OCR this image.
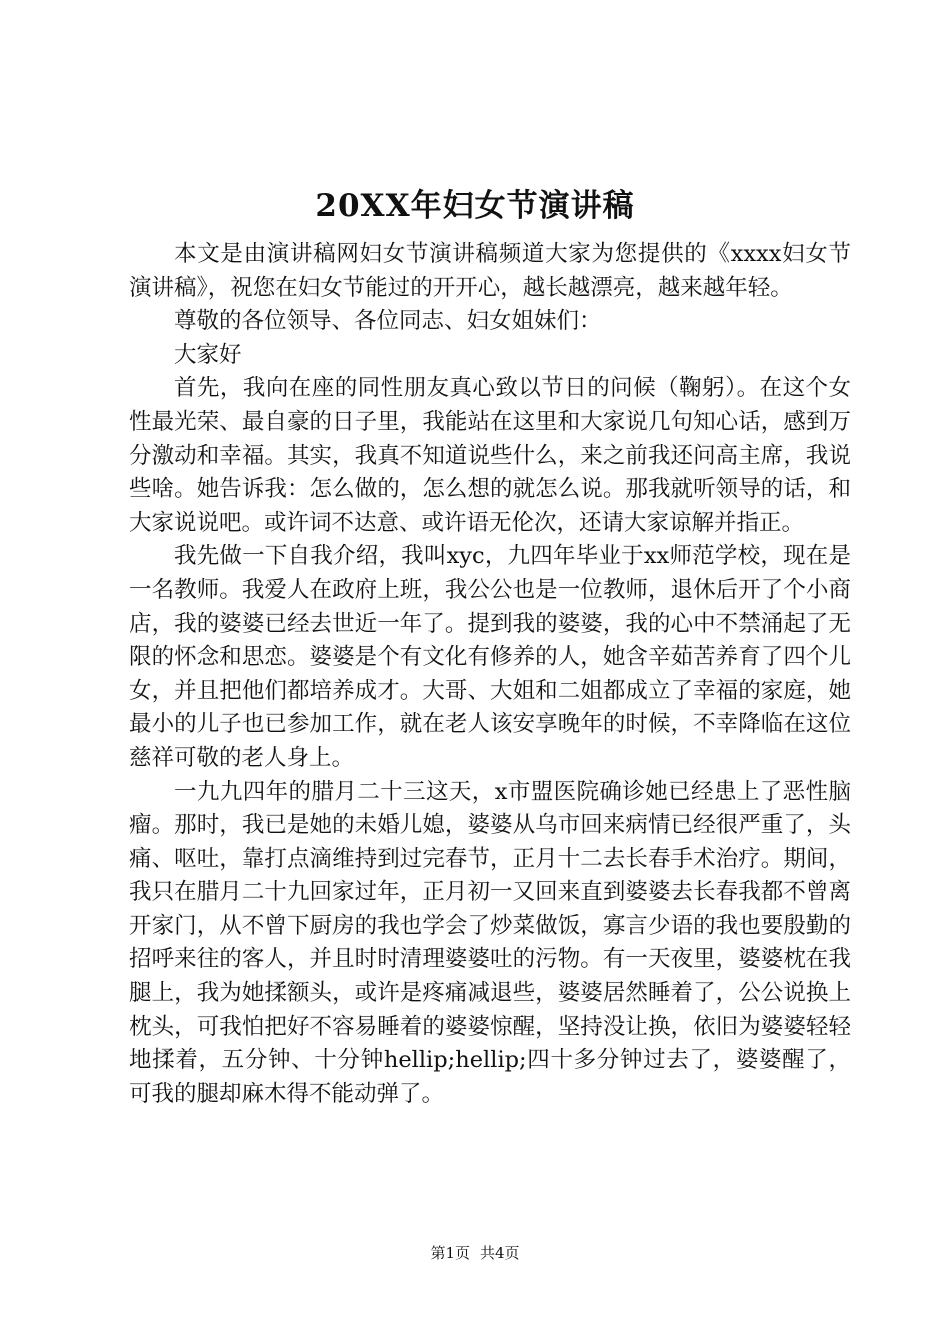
20XX年妇女节演讲稿

本文是由演讲稿网妇女节演讲稿频道大家为您提供的《xxxx妇女节演讲稿》，祝您在妇女节能过的开开心，越长越漂亮，越来越年轻。

尊敬的各位领导、各位同志、妇女姐妹们：

大家好

首先，我向在座的同性朋友真心致以节日的问候（鞠躬）。在这个女性最光荣、最自豪的日子里，我能站在这里和大家说几句知心话，感到万分激动和幸福。其实，我真不知道说些什么，来之前我还问高主席，我说些啥。她告诉我：怎么做的，怎么想的就怎么说。那我就听领导的话，和大家说说吧。或许词不达意、或许语无伦次，还请大家谅解并指正。

我先做一下自我介绍，我叫xyc，九四年毕业于xx师范学校，现在是一名教师。我爱人在政府上班，我公公也是一位教师，退休后开了个小商店，我的婆婆已经去世近一年了。提到我的婆婆，我的心中不禁涌起了无限的怀念和思恋。婆婆是个有文化有修养的人，她含辛茹苦养育了四个儿女，并且把他们都培养成才。大哥、大姐和二姐都成立了幸福的家庭，她最小的儿子也已参加工作，就在老人该安享晚年的时候，不幸降临在这位慈祥可敬的老人身上。

一九九四年的腊月二十三这天，x市盟医院确诊她已经患上了恶性脑瘤。那时，我已是她的未婚儿媳，婆婆从乌市回来病情已经很严重了，头痛、呕吐，靠打点滴维持到过完春节，正月十二去长春手术治疗。期间，我只在腊月二十九回家过年，正月初一又回来直到婆婆去长春我都不曾离开家门，从不曾下厨房的我也学会了炒菜做饭，寡言少语的我也要殷勤的招呼来往的客人，并且时时清理婆婆吐的污物。有一天夜里，婆婆枕在我腿上，我为她揉额头，或许是疼痛减退些，婆婆居然睡着了，公公说换上枕头，可我怕把好不容易睡着的婆婆惊醒，坚持没让换，依旧为婆婆轻轻地揉着，五分钟、十分钟hellip;hellip;四十多分钟过去了，婆婆醒了，可我的腿却麻木得不能动弹了。

第1页 共4页
